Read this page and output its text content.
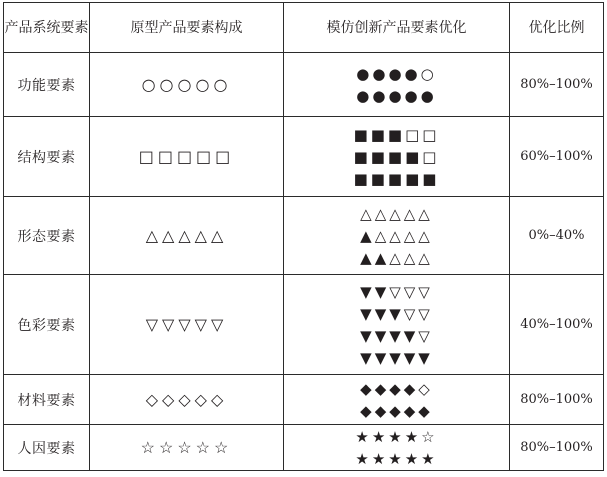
产品系统要素	原型产品要素构成	模仿创新产品要素优化	优化比例
功能要素	○○○○○	●●●●○
●●●●●	80%–100%
结构要素	□□□□□	■■■□□
■■■■□
■■■■■	60%–100%
形态要素	△△△△△	△△△△△
▲△△△△
▲▲△△△	0%–40%
色彩要素	▽▽▽▽▽	▼▼▽▽▽
▼▼▼▽▽
▼▼▼▼▽
▼▼▼▼▼	40%–100%
材料要素	◇◇◇◇◇	◆◆◆◆◇
◆◆◆◆◆	80%–100%
人因要素	☆☆☆☆☆	★★★★☆
★★★★★	80%–100%
